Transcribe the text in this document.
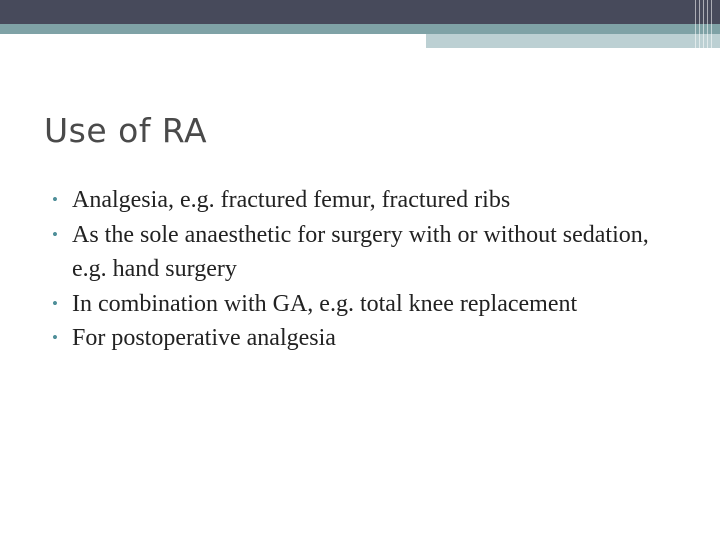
Use of RA
• Analgesia, e.g. fractured femur, fractured ribs
• As the sole anaesthetic for surgery with or without sedation, e.g. hand surgery
• In combination with GA, e.g. total knee replacement
• For postoperative analgesia
